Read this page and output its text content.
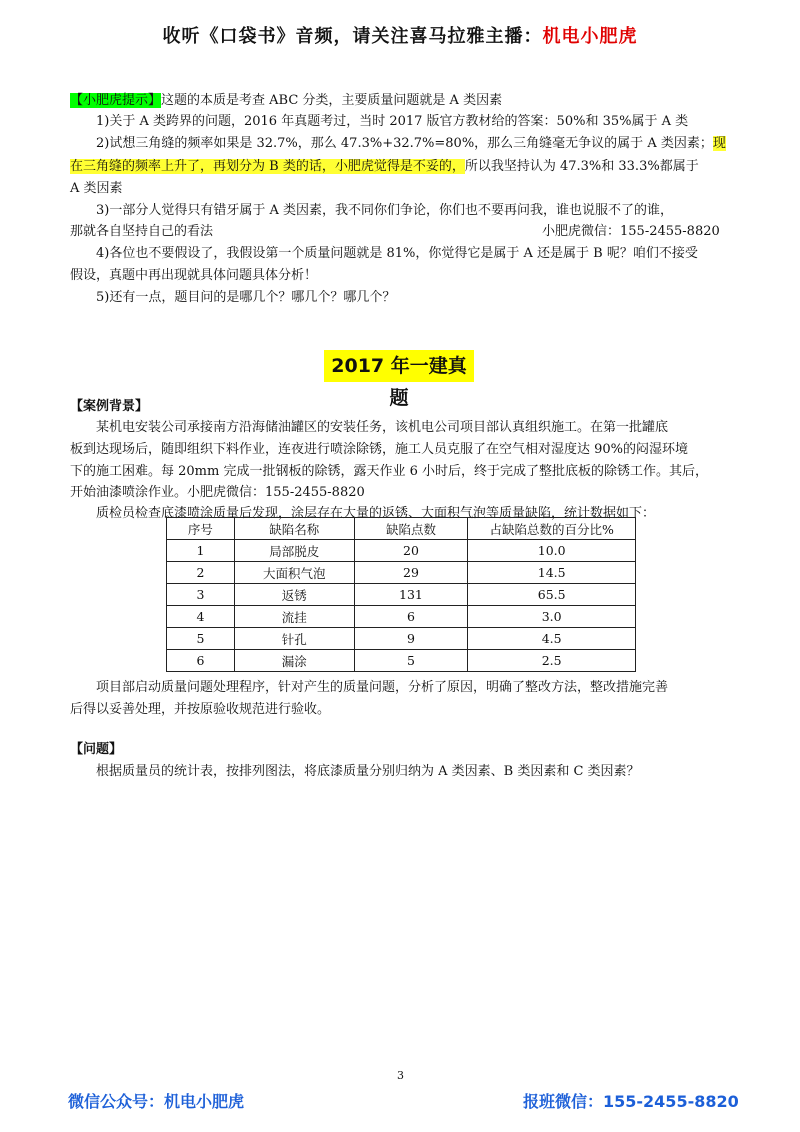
收听《口袋书》音频，请关注喜马拉雅主播：机电小肥虎
【小肥虎提示】这题的本质是考查 ABC 分类，主要质量问题就是 A 类因素
1)关于 A 类跨界的问题，2016 年真题考过，当时 2017 版官方教材给的答案：50%和 35%属于 A 类
2)试想三角缝的频率如果是 32.7%，那么 47.3%+32.7%=80%，那么三角缝毫无争议的属于 A 类因素；现
在三角缝的频率上升了，再划分为 B 类的话，小肥虎觉得是不妥的，所以我坚持认为 47.3%和 33.3%都属于
A 类因素
3)一部分人觉得只有错牙属于 A 类因素，我不同你们争论，你们也不要再问我，谁也说服不了的谁，
那就各自坚持自己的看法	小肥虎微信：155-2455-8820
4)各位也不要假设了，我假设第一个质量问题就是 81%，你觉得它是属于 A 还是属于 B 呢？咱们不接受
假设，真题中再出现就具体问题具体分析！
5)还有一点，题目问的是哪几个？哪几个？哪几个？
2017 年一建真题
【案例背景】
某机电安装公司承接南方沿海储油罐区的安装任务，该机电公司项目部认真组织施工。在第一批罐底
板到达现场后，随即组织下料作业，连夜进行喷涂除锈，施工人员克服了在空气相对湿度达 90%的闷湿环境
下的施工困难。每 20mm 完成一批钢板的除锈，露天作业 6 小时后，终于完成了整批底板的除锈工作。其后，
开始油漆喷涂作业。小肥虎微信：155-2455-8820
质检员检查底漆喷涂质量后发现，涂层存在大量的返锈、大面积气泡等质量缺陷，统计数据如下：
序号	缺陷名称	缺陷点数	占缺陷总数的百分比%
1	局部脱皮	20	10.0
2	大面积气泡	29	14.5
3	返锈	131	65.5
4	流挂	6	3.0
5	针孔	9	4.5
6	漏涂	5	2.5
项目部启动质量问题处理程序，针对产生的质量问题，分析了原因，明确了整改方法，整改措施完善
后得以妥善处理，并按原验收规范进行验收。
【问题】
根据质量员的统计表，按排列图法，将底漆质量分别归纳为 A 类因素、B 类因素和 C 类因素？
3
微信公众号：机电小肥虎	报班微信：155-2455-8820
